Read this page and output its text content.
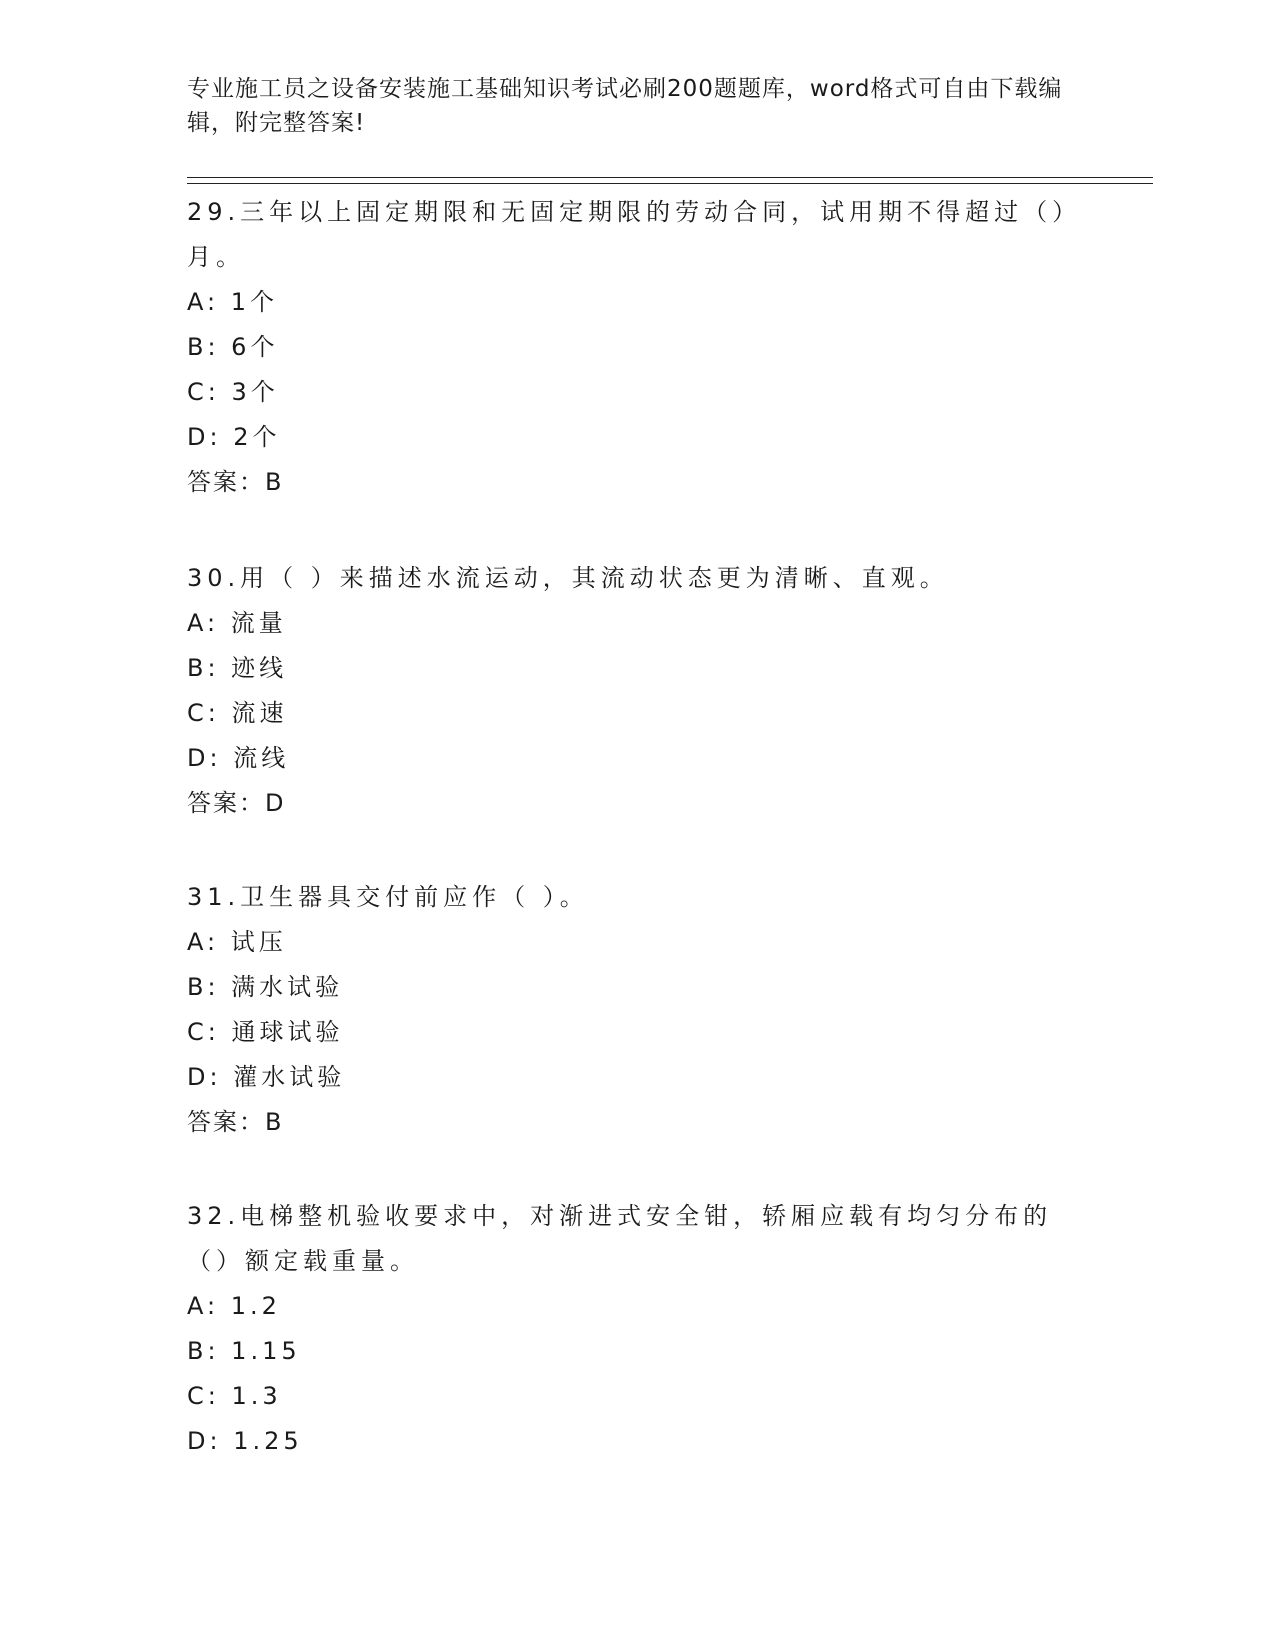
专业施工员之设备安装施工基础知识考试必刷200题题库，word格式可自由下载编辑，附完整答案!
29.三年以上固定期限和无固定期限的劳动合同，试用期不得超过（）月。
A: 1个
B: 6个
C: 3个
D: 2个
答案：B
30.用（ ）来描述水流运动，其流动状态更为清晰、直观。
A: 流量
B: 迹线
C: 流速
D: 流线
答案：D
31.卫生器具交付前应作（ ）。
A: 试压
B: 满水试验
C: 通球试验
D: 灌水试验
答案：B
32.电梯整机验收要求中，对渐进式安全钳，轿厢应载有均匀分布的（）额定载重量。
A: 1.2
B: 1.15
C: 1.3
D: 1.25
